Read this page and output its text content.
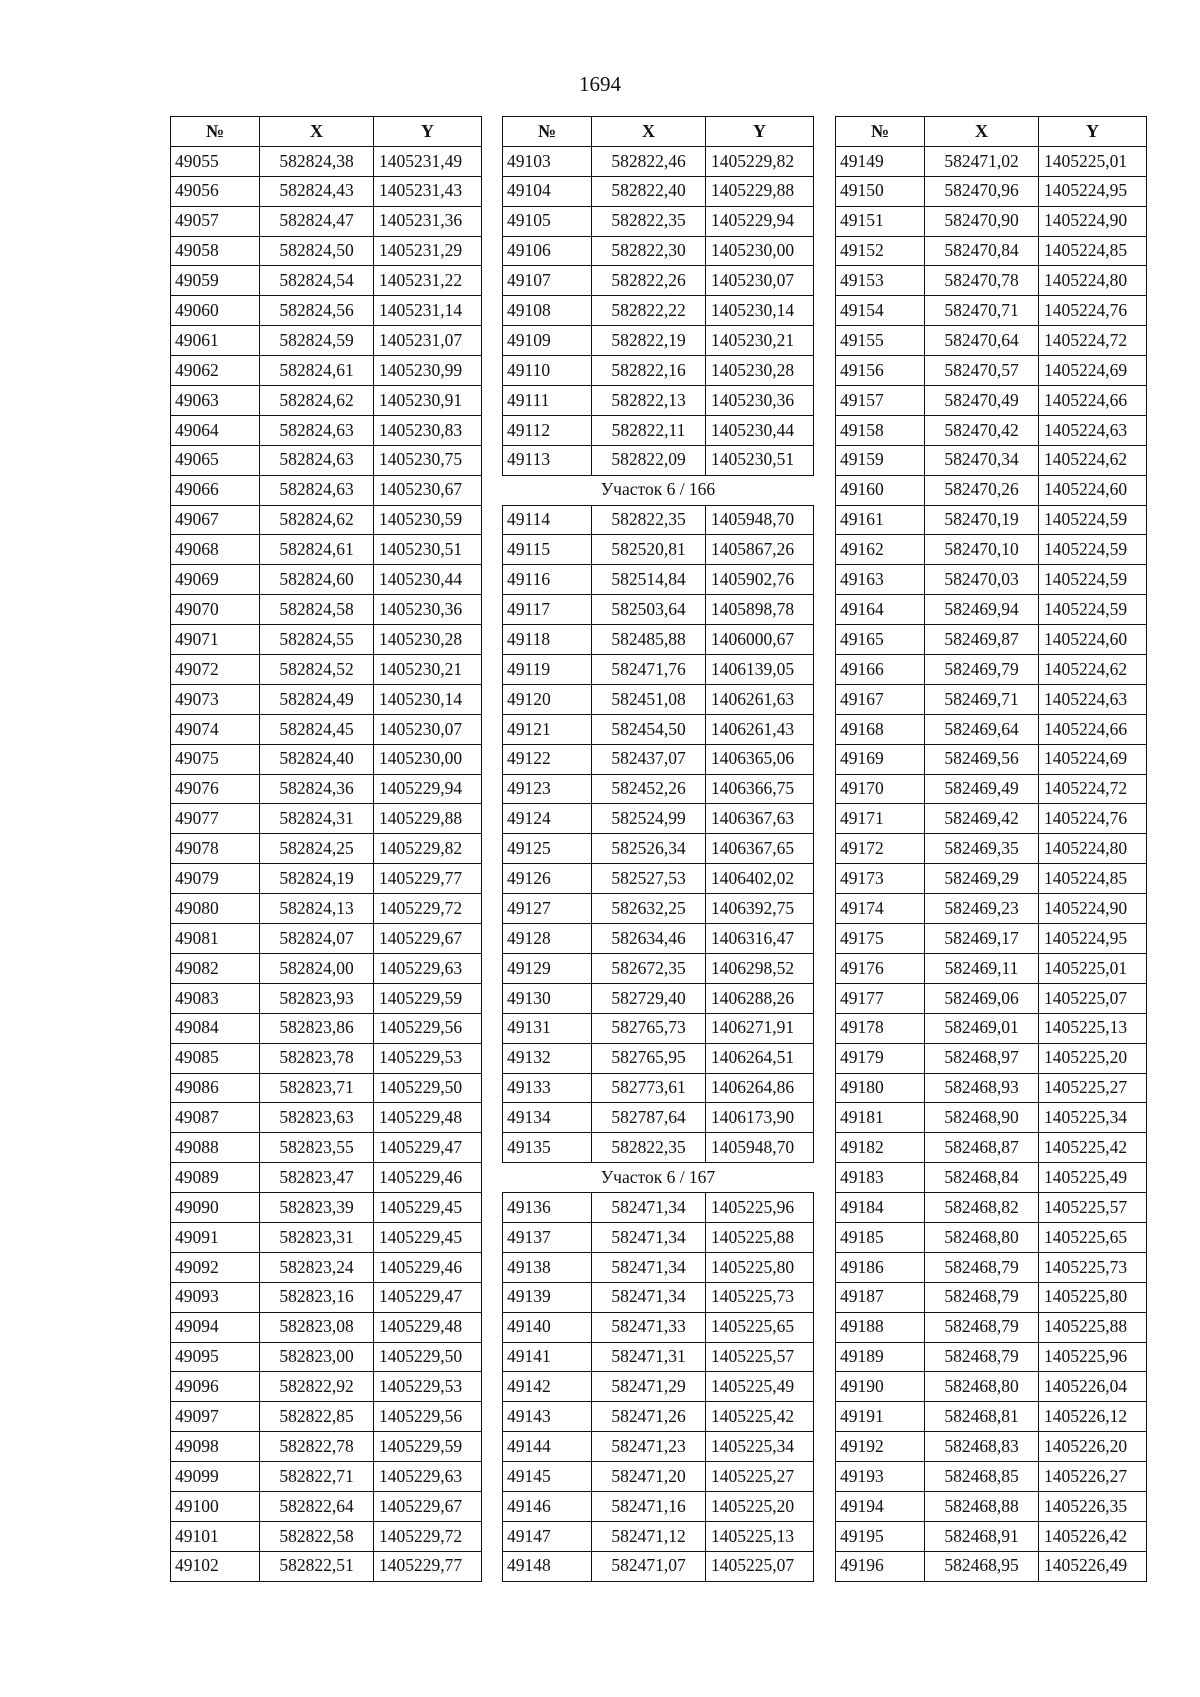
1694
№	X	Y
49055	582824,38	1405231,49
49056	582824,43	1405231,43
49057	582824,47	1405231,36
49058	582824,50	1405231,29
49059	582824,54	1405231,22
49060	582824,56	1405231,14
49061	582824,59	1405231,07
49062	582824,61	1405230,99
49063	582824,62	1405230,91
49064	582824,63	1405230,83
49065	582824,63	1405230,75
49066	582824,63	1405230,67
49067	582824,62	1405230,59
49068	582824,61	1405230,51
49069	582824,60	1405230,44
49070	582824,58	1405230,36
49071	582824,55	1405230,28
49072	582824,52	1405230,21
49073	582824,49	1405230,14
49074	582824,45	1405230,07
49075	582824,40	1405230,00
49076	582824,36	1405229,94
49077	582824,31	1405229,88
49078	582824,25	1405229,82
49079	582824,19	1405229,77
49080	582824,13	1405229,72
49081	582824,07	1405229,67
49082	582824,00	1405229,63
49083	582823,93	1405229,59
49084	582823,86	1405229,56
49085	582823,78	1405229,53
49086	582823,71	1405229,50
49087	582823,63	1405229,48
49088	582823,55	1405229,47
49089	582823,47	1405229,46
49090	582823,39	1405229,45
49091	582823,31	1405229,45
49092	582823,24	1405229,46
49093	582823,16	1405229,47
49094	582823,08	1405229,48
49095	582823,00	1405229,50
49096	582822,92	1405229,53
49097	582822,85	1405229,56
49098	582822,78	1405229,59
49099	582822,71	1405229,63
49100	582822,64	1405229,67
49101	582822,58	1405229,72
49102	582822,51	1405229,77
№	X	Y
49103	582822,46	1405229,82
49104	582822,40	1405229,88
49105	582822,35	1405229,94
49106	582822,30	1405230,00
49107	582822,26	1405230,07
49108	582822,22	1405230,14
49109	582822,19	1405230,21
49110	582822,16	1405230,28
49111	582822,13	1405230,36
49112	582822,11	1405230,44
49113	582822,09	1405230,51
Участок 6 / 166		
49114	582822,35	1405948,70
49115	582520,81	1405867,26
49116	582514,84	1405902,76
49117	582503,64	1405898,78
49118	582485,88	1406000,67
49119	582471,76	1406139,05
49120	582451,08	1406261,63
49121	582454,50	1406261,43
49122	582437,07	1406365,06
49123	582452,26	1406366,75
49124	582524,99	1406367,63
49125	582526,34	1406367,65
49126	582527,53	1406402,02
49127	582632,25	1406392,75
49128	582634,46	1406316,47
49129	582672,35	1406298,52
49130	582729,40	1406288,26
49131	582765,73	1406271,91
49132	582765,95	1406264,51
49133	582773,61	1406264,86
49134	582787,64	1406173,90
49135	582822,35	1405948,70
Участок 6 / 167		
49136	582471,34	1405225,96
49137	582471,34	1405225,88
49138	582471,34	1405225,80
49139	582471,34	1405225,73
49140	582471,33	1405225,65
49141	582471,31	1405225,57
49142	582471,29	1405225,49
49143	582471,26	1405225,42
49144	582471,23	1405225,34
49145	582471,20	1405225,27
49146	582471,16	1405225,20
49147	582471,12	1405225,13
49148	582471,07	1405225,07
№	X	Y
49149	582471,02	1405225,01
49150	582470,96	1405224,95
49151	582470,90	1405224,90
49152	582470,84	1405224,85
49153	582470,78	1405224,80
49154	582470,71	1405224,76
49155	582470,64	1405224,72
49156	582470,57	1405224,69
49157	582470,49	1405224,66
49158	582470,42	1405224,63
49159	582470,34	1405224,62
49160	582470,26	1405224,60
49161	582470,19	1405224,59
49162	582470,10	1405224,59
49163	582470,03	1405224,59
49164	582469,94	1405224,59
49165	582469,87	1405224,60
49166	582469,79	1405224,62
49167	582469,71	1405224,63
49168	582469,64	1405224,66
49169	582469,56	1405224,69
49170	582469,49	1405224,72
49171	582469,42	1405224,76
49172	582469,35	1405224,80
49173	582469,29	1405224,85
49174	582469,23	1405224,90
49175	582469,17	1405224,95
49176	582469,11	1405225,01
49177	582469,06	1405225,07
49178	582469,01	1405225,13
49179	582468,97	1405225,20
49180	582468,93	1405225,27
49181	582468,90	1405225,34
49182	582468,87	1405225,42
49183	582468,84	1405225,49
49184	582468,82	1405225,57
49185	582468,80	1405225,65
49186	582468,79	1405225,73
49187	582468,79	1405225,80
49188	582468,79	1405225,88
49189	582468,79	1405225,96
49190	582468,80	1405226,04
49191	582468,81	1405226,12
49192	582468,83	1405226,20
49193	582468,85	1405226,27
49194	582468,88	1405226,35
49195	582468,91	1405226,42
49196	582468,95	1405226,49
